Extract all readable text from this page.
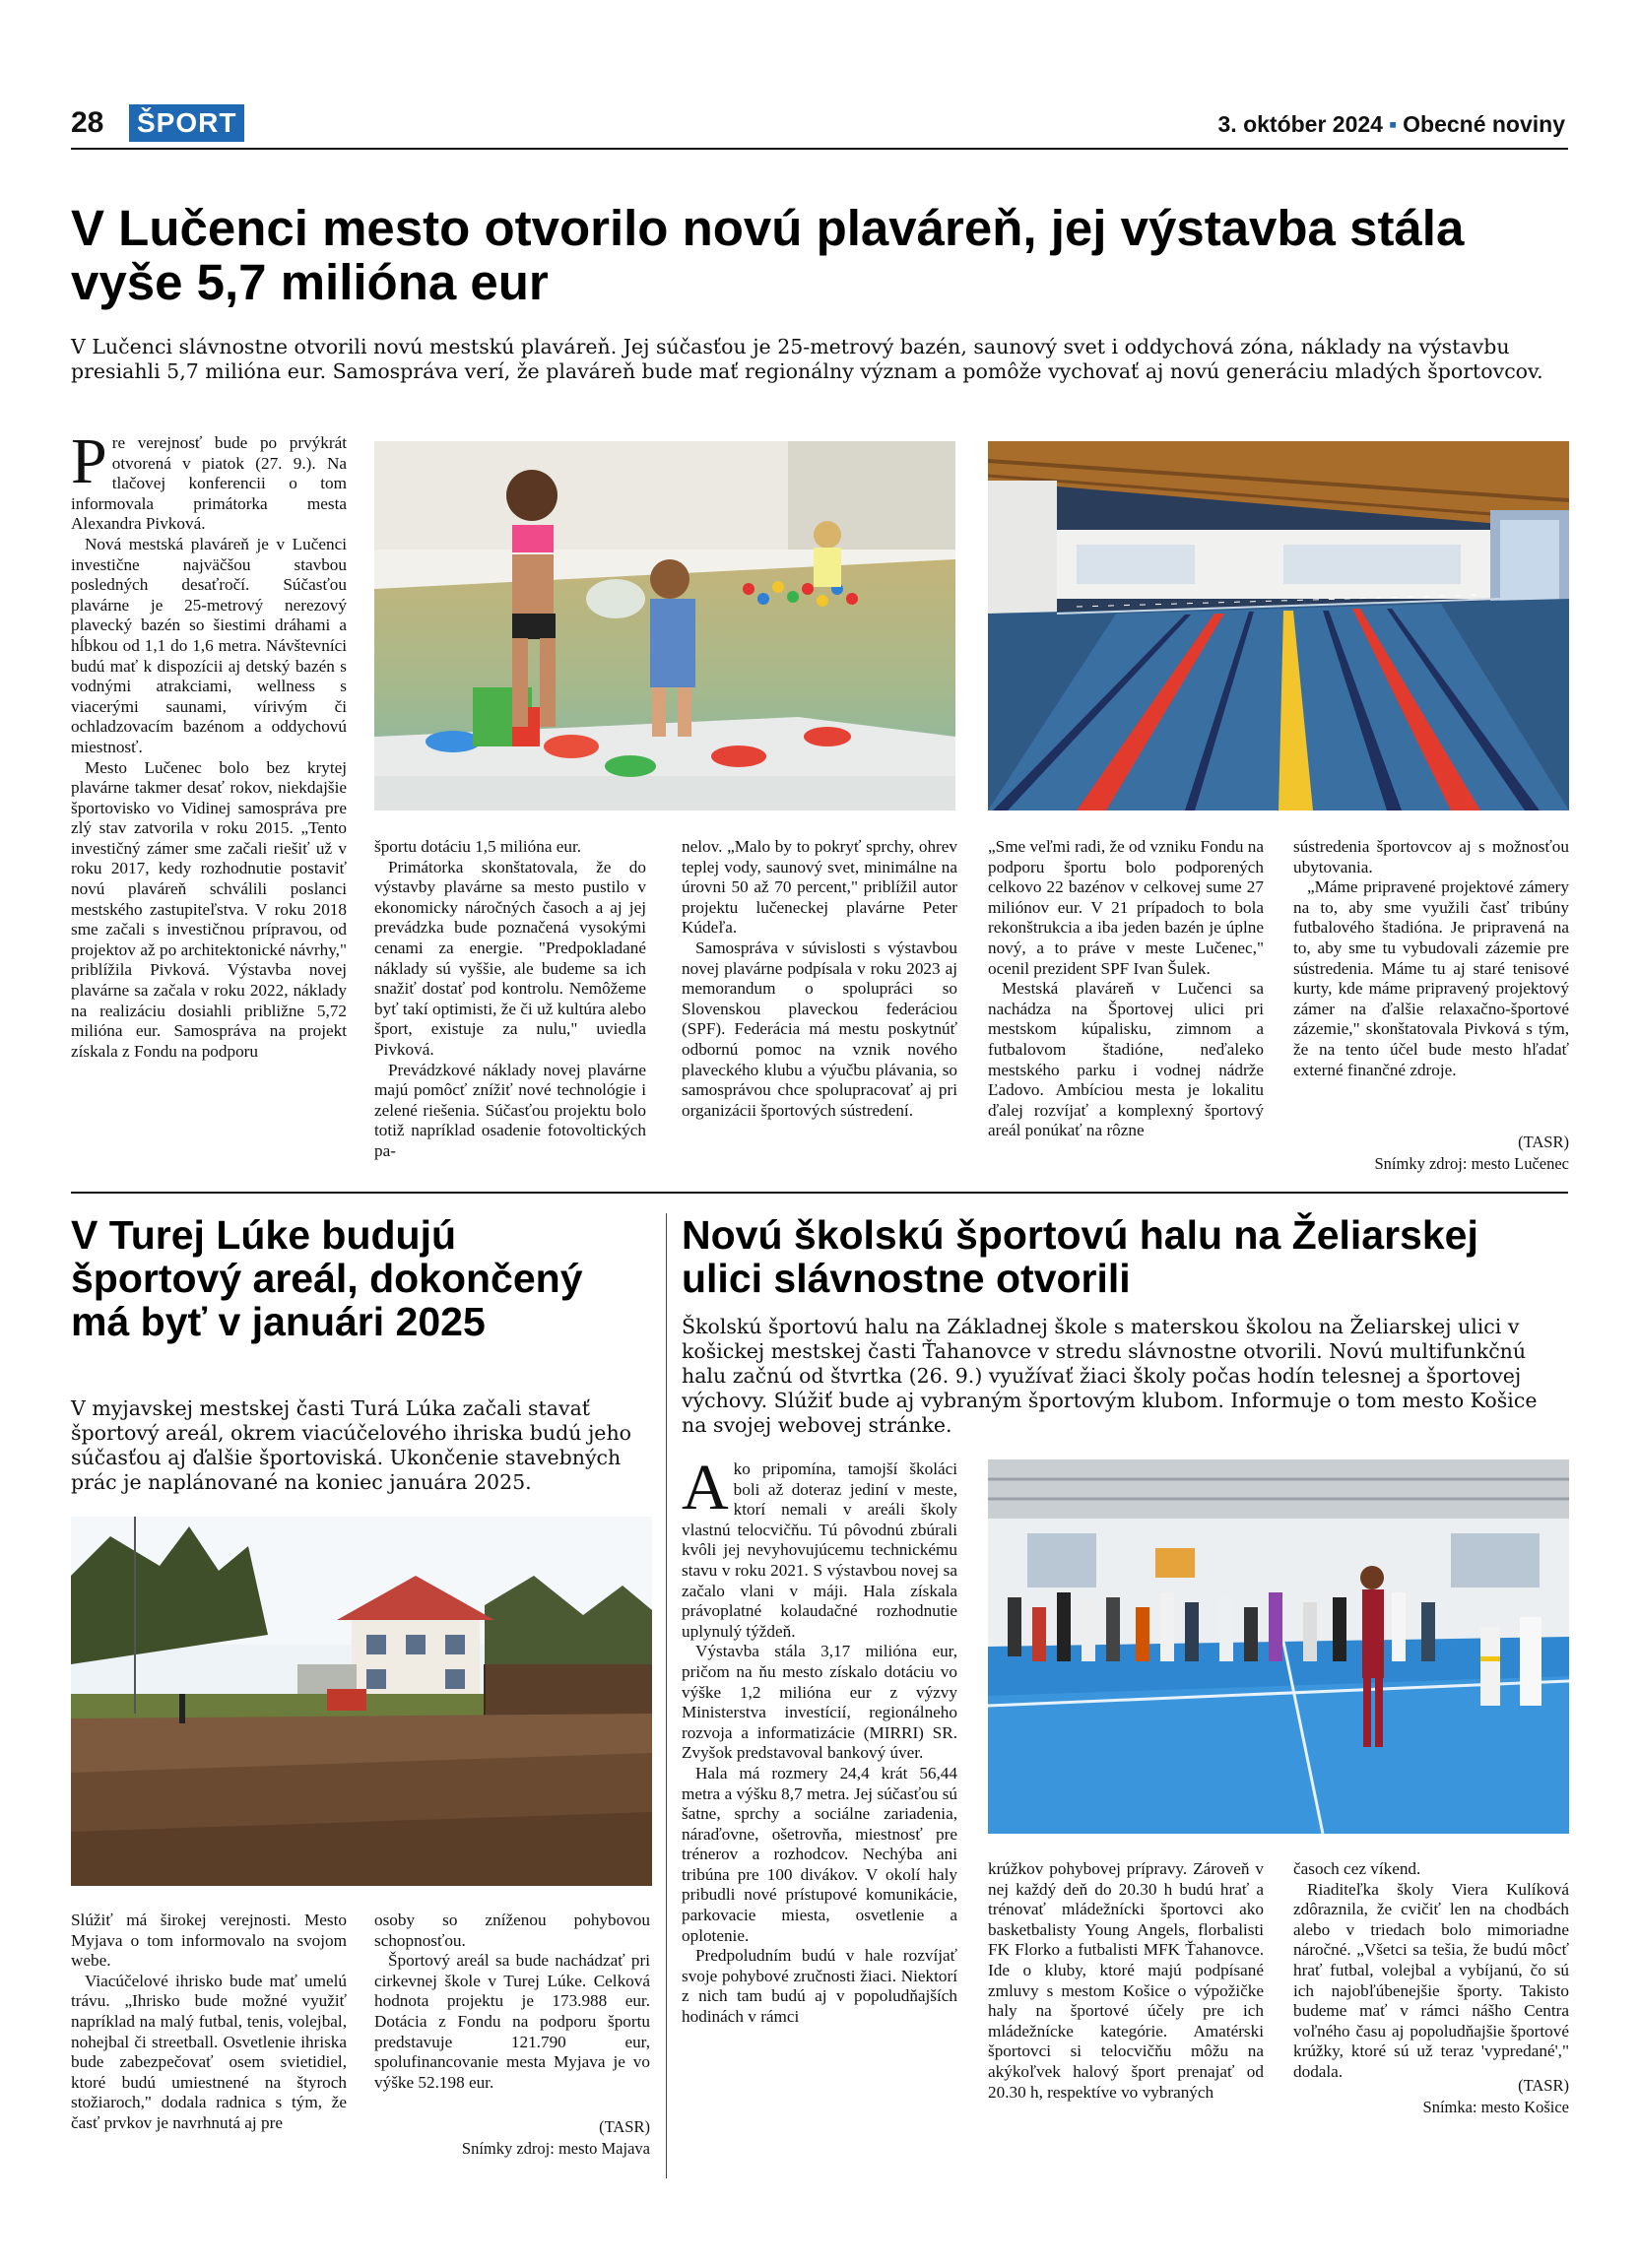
28 ŠPORT	3. október 2024 ▪ Obecné noviny
V Lučenci mesto otvorilo novú plaváreň, jej výstavba stála vyše 5,7 milióna eur
V Lučenci slávnostne otvorili novú mestskú plaváreň. Jej súčasťou je 25-metrový bazén, saunový svet i oddychová zóna, náklady na výstavbu presiahli 5,7 milióna eur. Samospráva verí, že plaváreň bude mať regionálny význam a pomôže vychovať aj novú generáciu mladých športovcov.

Pre verejnosť bude po prvýkrát otvorená v piatok (27. 9.). Na tlačovej konferencii o tom informovala primátorka mesta Alexandra Pivková.

Nová mestská plaváreň je v Lučenci investične najväčšou stavbou posledných desaťročí. Súčasťou plavárne je 25-metrový nerezový plavecký bazén so šiestimi dráhami a hĺbkou od 1,1 do 1,6 metra. Návštevníci budú mať k dispozícii aj detský bazén s vodnými atrakciami, wellness s viacerými saunami, vírivým či ochladzovacím bazénom a oddychovú miestnosť.

Mesto Lučenec bolo bez krytej plavárne takmer desať rokov, niekdajšie športovisko vo Vidinej samospráva pre zlý stav zatvorila v roku 2015. „Tento investičný zámer sme začali riešiť už v roku 2017, kedy rozhodnutie postaviť novú plaváreň schválili poslanci mestského zastupiteľstva. V roku 2018 sme začali s investičnou prípravou, od projektov až po architektonické návrhy," priblížila Pivková. Výstavba novej plavárne sa začala v roku 2022, náklady na realizáciu dosiahli približne 5,72 milióna eur. Samospráva na projekt získala z Fondu na podporu

športu dotáciu 1,5 milióna eur.

Primátorka skonštatovala, že do výstavby plavárne sa mesto pustilo v ekonomicky náročných časoch a aj jej prevádzka bude poznačená vysokými cenami za energie. "Predpokladané náklady sú vyššie, ale budeme sa ich snažiť dostať pod kontrolu. Nemôžeme byť takí optimisti, že či už kultúra alebo šport, existuje za nulu," uviedla Pivková.

Prevádzkové náklady novej plavárne majú pomôcť znížiť nové technológie i zelené riešenia. Súčasťou projektu bolo totiž napríklad osadenie fotovoltických pa-

nelov. „Malo by to pokryť sprchy, ohrev teplej vody, saunový svet, minimálne na úrovni 50 až 70 percent," priblížil autor projektu lučeneckej plavárne Peter Kúdeľa.

Samospráva v súvislosti s výstavbou novej plavárne podpísala v roku 2023 aj memorandum o spolupráci so Slovenskou plaveckou federáciou (SPF). Federácia má mestu poskytnúť odbornú pomoc na vznik nového plaveckého klubu a výučbu plávania, so samosprávou chce spolupracovať aj pri organizácii športových sústredení.

„Sme veľmi radi, že od vzniku Fondu na podporu športu bolo podporených celkovo 22 bazénov v celkovej sume 27 miliónov eur. V 21 prípadoch to bola rekonštrukcia a iba jeden bazén je úplne nový, a to práve v meste Lučenec," ocenil prezident SPF Ivan Šulek.

Mestská plaváreň v Lučenci sa nachádza na Športovej ulici pri mestskom kúpalisku, zimnom a futbalovom štadióne, neďaleko mestského parku i vodnej nádrže Ľadovo. Ambíciou mesta je lokalitu ďalej rozvíjať a komplexný športový areál ponúkať na rôzne

sústredenia športovcov aj s možnosťou ubytovania.

„Máme pripravené projektové zámery na to, aby sme využili časť tribúny futbalového štadióna. Je pripravená na to, aby sme tu vybudovali zázemie pre sústredenia. Máme tu aj staré tenisové kurty, kde máme pripravený projektový zámer na ďalšie relaxačno-športové zázemie," skonštatovala Pivková s tým, že na tento účel bude mesto hľadať externé finančné zdroje.

(TASR)
Snímky zdroj: mesto Lučenec
V Turej Lúke budujú športový areál, dokončený má byť v januári 2025
V myjavskej mestskej časti Turá Lúka začali stavať športový areál, okrem viacúčelového ihriska budú jeho súčasťou aj ďalšie športoviská. Ukončenie stavebných prác je naplánované na koniec januára 2025.

Slúžiť má širokej verejnosti. Mesto Myjava o tom informovalo na svojom webe.

Viacúčelové ihrisko bude mať umelú trávu. „Ihrisko bude možné využiť napríklad na malý futbal, tenis, volejbal, nohejbal či streetball. Osvetlenie ihriska bude zabezpečovať osem svietidiel, ktoré budú umiestnené na štyroch stožiaroch," dodala radnica s tým, že časť prvkov je navrhnutá aj pre

osoby so zníženou pohybovou schopnosťou.

Športový areál sa bude nachádzať pri cirkevnej škole v Turej Lúke. Celková hodnota projektu je 173.988 eur. Dotácia z Fondu na podporu športu predstavuje 121.790 eur, spolufinancovanie mesta Myjava je vo výške 52.198 eur.

(TASR)
Snímky zdroj: mesto Majava
Novú školskú športovú halu na Želiarskej ulici slávnostne otvorili
Školskú športovú halu na Základnej škole s materskou školou na Želiarskej ulici v košickej mestskej časti Ťahanovce v stredu slávnostne otvorili. Novú multifunkčnú halu začnú od štvrtka (26. 9.) využívať žiaci školy počas hodín telesnej a športovej výchovy. Slúžiť bude aj vybraným športovým klubom. Informuje o tom mesto Košice na svojej webovej stránke.

Ako pripomína, tamojší školáci boli až doteraz jediní v meste, ktorí nemali v areáli školy vlastnú telocvičňu. Tú pôvodnú zbúrali kvôli jej nevyhovujúcemu technickému stavu v roku 2021. S výstavbou novej sa začalo vlani v máji. Hala získala právoplatné kolaudačné rozhodnutie uplynulý týždeň.

Výstavba stála 3,17 milióna eur, pričom na ňu mesto získalo dotáciu vo výške 1,2 milióna eur z výzvy Ministerstva investícií, regionálneho rozvoja a informatizácie (MIRRI) SR. Zvyšok predstavoval bankový úver.

Hala má rozmery 24,4 krát 56,44 metra a výšku 8,7 metra. Jej súčasťou sú šatne, sprchy a sociálne zariadenia, náraďovne, ošetrovňa, miestnosť pre trénerov a rozhodcov. Nechýba ani tribúna pre 100 divákov. V okolí haly pribudli nové prístupové komunikácie, parkovacie miesta, osvetlenie a oplotenie.

Predpoludním budú v hale rozvíjať svoje pohybové zručnosti žiaci. Niektorí z nich tam budú aj v popoludňajších hodinách v rámci

krúžkov pohybovej prípravy. Zároveň v nej každý deň do 20.30 h budú hrať a trénovať mládežnícki športovci ako basketbalisty Young Angels, florbalisti FK Florko a futbalisti MFK Ťahanovce. Ide o kluby, ktoré majú podpísané zmluvy s mestom Košice o výpožičke haly na športové účely pre ich mládežnícke kategórie. Amatérski športovci si telocvičňu môžu na akýkoľvek halový šport prenajať od 20.30 h, respektíve vo vybraných

časoch cez víkend.

Riaditeľka školy Viera Kulíková zdôraznila, že cvičiť len na chodbách alebo v triedach bolo mimoriadne náročné. „Všetci sa tešia, že budú môcť hrať futbal, volejbal a vybíjanú, čo sú ich najobľúbenejšie športy. Takisto budeme mať v rámci nášho Centra voľného času aj popoludňajšie športové krúžky, ktoré sú už teraz 'vypredané'," dodala.

(TASR)
Snímka: mesto Košice
